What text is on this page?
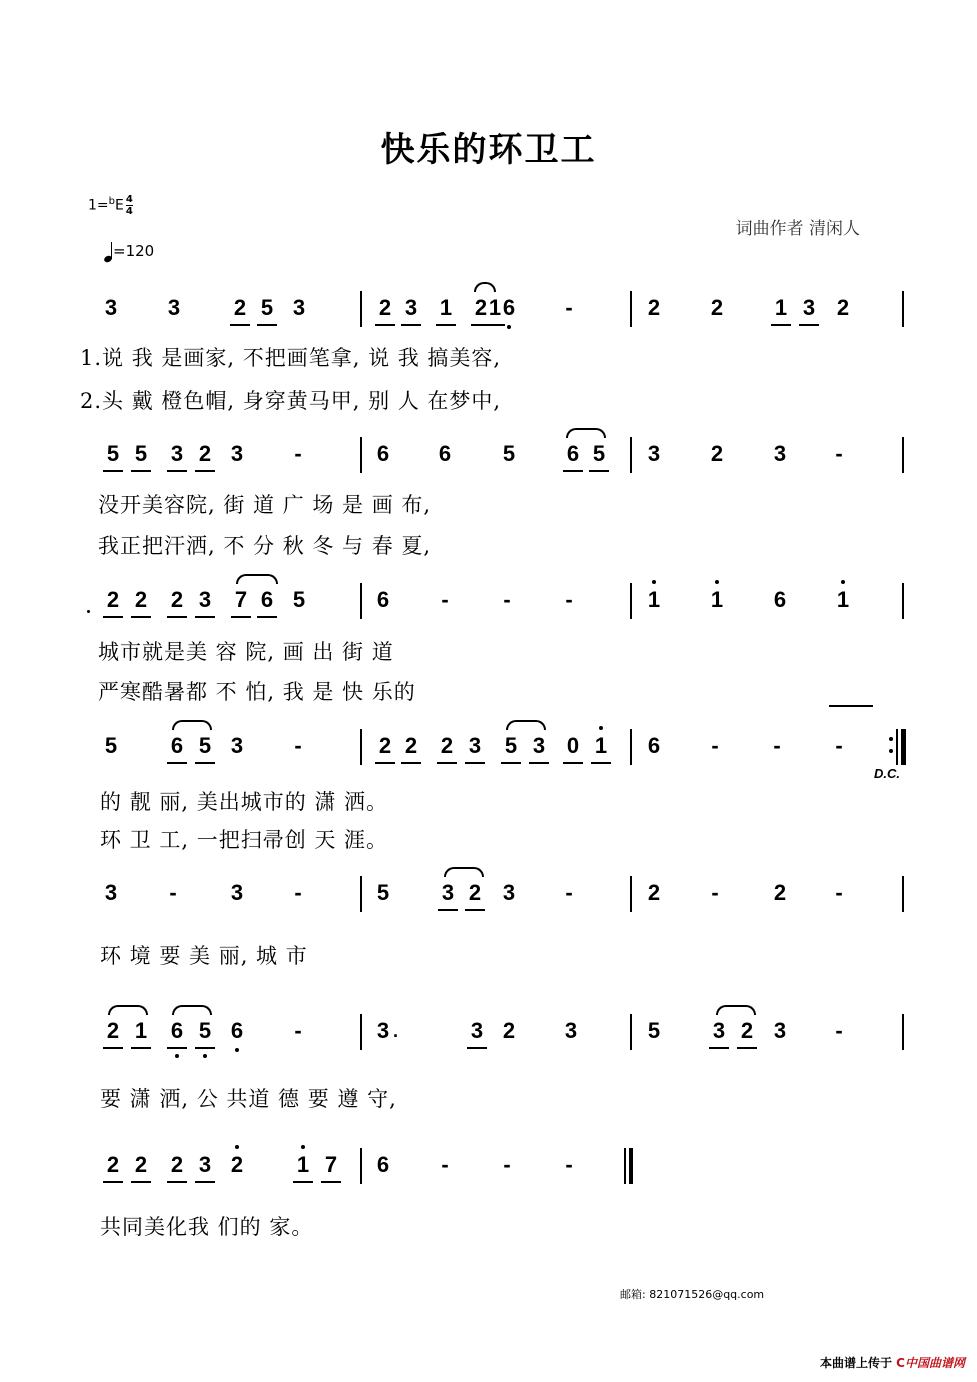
快乐的环卫工
$1=^bE \frac{4}{4}$
=120
词曲作者 清闲人
3 3 2 5 3	2 3 1 2 1 6	-	2 2 1 3 2
1.说 我 是画家, 不把画笔拿, 说 我 搞美容,
2.头 戴 橙色帽, 身穿黄马甲, 别 人 在梦中,
5 5 3 2 3	-	6 6 5 6 5 3 2 3	-
没开美容院, 街 道 广 场 是 画 布,
我正把汗洒, 不 分 秋 冬 与 春 夏,
2 2 2 3 7 6 5	6	-	-	-	1 1 6 1
城市就是美 容 院, 画 出 街 道
严寒酷暑都 不 怕, 我 是 快 乐的
5 6 5 3	-	2 2 2 3 5 3 0 1 6	-	-	-
D.C.
的 靓 丽, 美出城市的 潇 洒。
环 卫 工, 一把扫帚创 天 涯。
3	-	3	-	5 3 2 3	-	2	-	2	-
环 境 要 美 丽, 城 市
2 1 6 5 6	-	3 ·	3 2 3	5 3 2 3	-
要 潇 洒, 公 共道 德 要 遵 守,
2 2 2 3 2 1 7 6	-	-	-
共同美化我 们的 家。
邮箱: 821071526@qq.com
本曲谱上传于 C中国曲谱网
